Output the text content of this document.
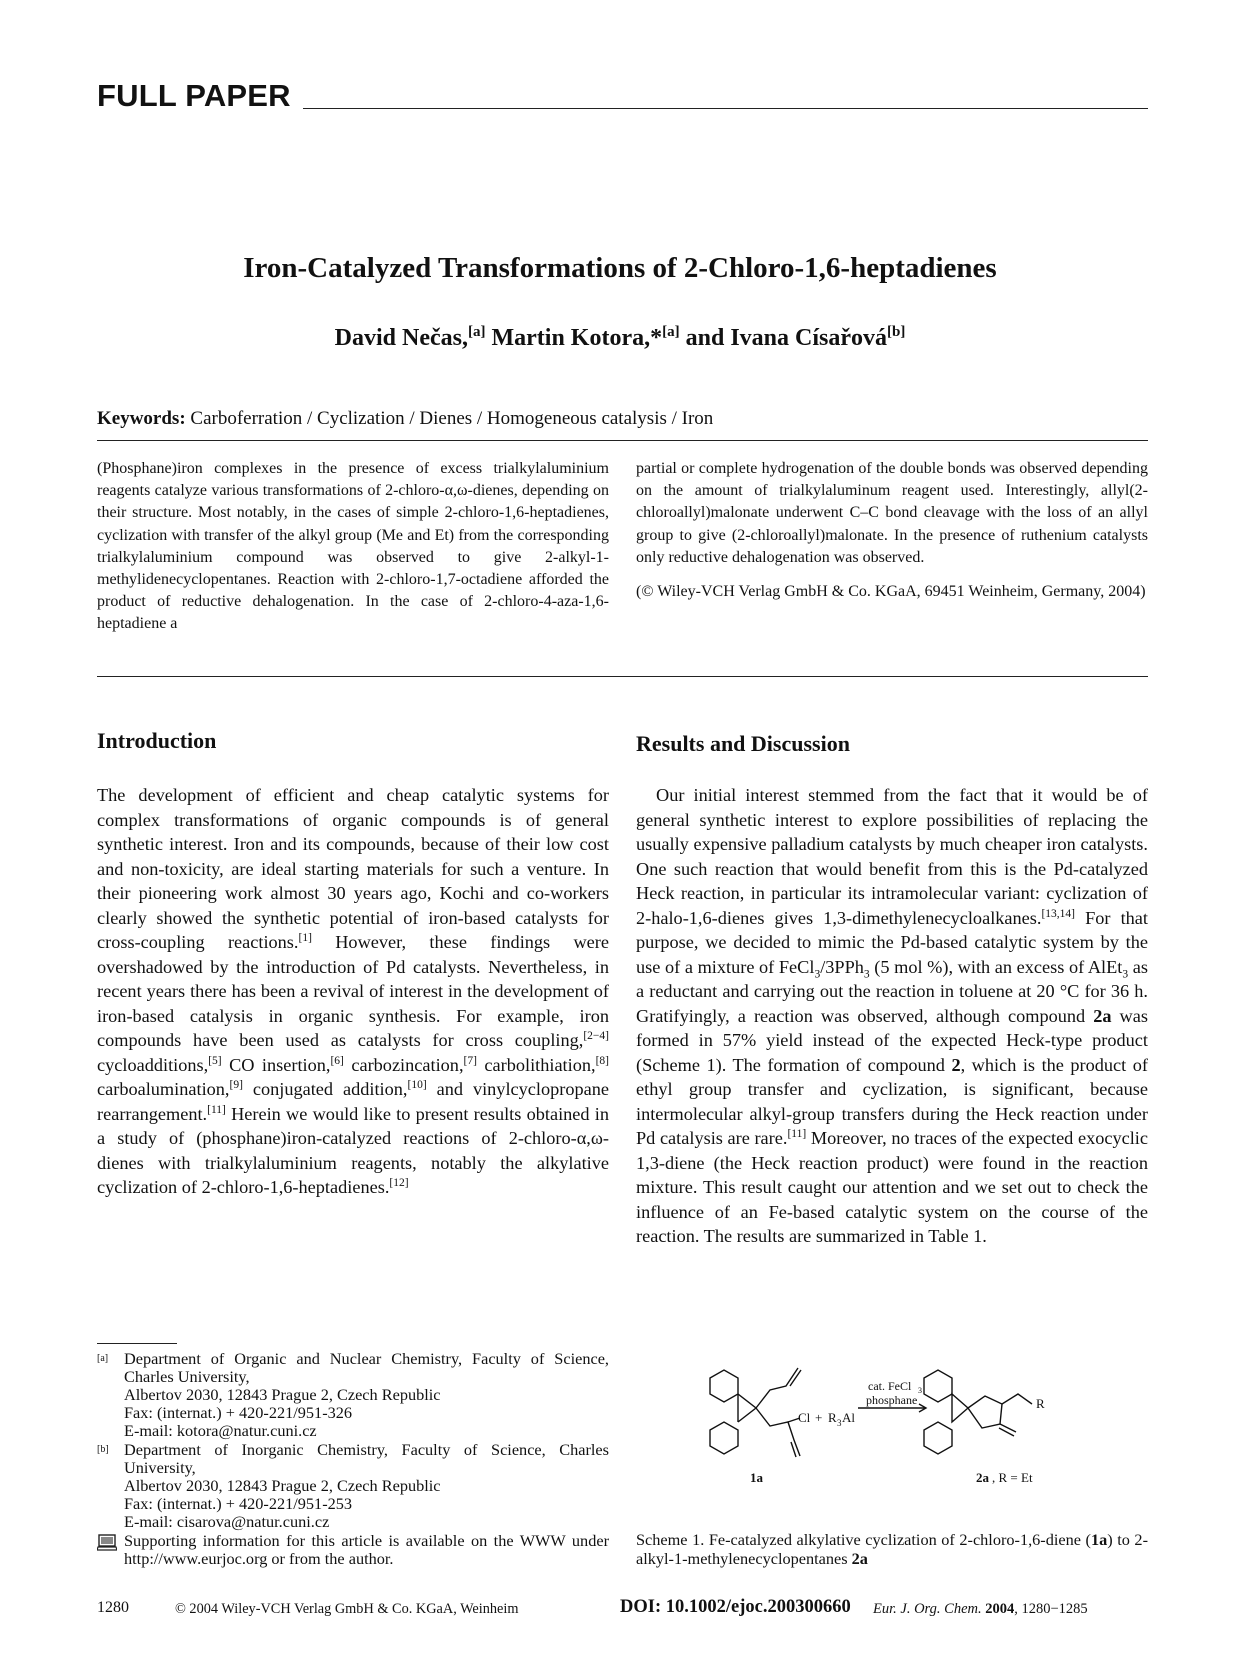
FULL PAPER
Iron-Catalyzed Transformations of 2-Chloro-1,6-heptadienes
David Nečas,[a] Martin Kotora,*[a] and Ivana Císařová[b]
Keywords: Carboferration / Cyclization / Dienes / Homogeneous catalysis / Iron

(Phosphane)iron complexes in the presence of excess trialkylaluminium reagents catalyze various transformations of 2-chloro-α,ω-dienes, depending on their structure. Most notably, in the cases of simple 2-chloro-1,6-heptadienes, cyclization with transfer of the alkyl group (Me and Et) from the corresponding trialkylaluminium compound was observed to give 2-alkyl-1-methylidenecyclopentanes. Reaction with 2-chloro-1,7-octadiene afforded the product of reductive dehalogenation. In the case of 2-chloro-4-aza-1,6-heptadiene a

partial or complete hydrogenation of the double bonds was observed depending on the amount of trialkylaluminum reagent used. Interestingly, allyl(2-chloroallyl)malonate underwent C–C bond cleavage with the loss of an allyl group to give (2-chloroallyl)malonate. In the presence of ruthenium catalysts only reductive dehalogenation was observed.

(© Wiley-VCH Verlag GmbH & Co. KGaA, 69451 Weinheim, Germany, 2004)

Introduction

The development of efficient and cheap catalytic systems for complex transformations of organic compounds is of general synthetic interest. Iron and its compounds, because of their low cost and non-toxicity, are ideal starting materials for such a venture. In their pioneering work almost 30 years ago, Kochi and co-workers clearly showed the synthetic potential of iron-based catalysts for cross-coupling reactions.[1] However, these findings were overshadowed by the introduction of Pd catalysts. Nevertheless, in recent years there has been a revival of interest in the development of iron-based catalysis in organic synthesis. For example, iron compounds have been used as catalysts for cross coupling,[2−4] cycloadditions,[5] CO insertion,[6] carbozincation,[7] carbolithiation,[8] carboalumination,[9] conjugated addition,[10] and vinylcyclopropane rearrangement.[11] Herein we would like to present results obtained in a study of (phosphane)iron-catalyzed reactions of 2-chloro-α,ω-dienes with trialkylaluminium reagents, notably the alkylative cyclization of 2-chloro-1,6-heptadienes.[12]

Results and Discussion

Our initial interest stemmed from the fact that it would be of general synthetic interest to explore possibilities of replacing the usually expensive palladium catalysts by much cheaper iron catalysts. One such reaction that would benefit from this is the Pd-catalyzed Heck reaction, in particular its intramolecular variant: cyclization of 2-halo-1,6-dienes gives 1,3-dimethylenecycloalkanes.[13,14] For that purpose, we decided to mimic the Pd-based catalytic system by the use of a mixture of FeCl$_3$/3PPh$_3$ (5 mol %), with an excess of AlEt$_3$ as a reductant and carrying out the reaction in toluene at 20 °C for 36 h. Gratifyingly, a reaction was observed, although compound 2a was formed in 57% yield instead of the expected Heck-type product (Scheme 1). The formation of compound 2, which is the product of ethyl group transfer and cyclization, is significant, because intermolecular alkyl-group transfers during the Heck reaction under Pd catalysis are rare.[11] Moreover, no traces of the expected exocyclic 1,3-diene (the Heck reaction product) were found in the reaction mixture. This result caught our attention and we set out to check the influence of an Fe-based catalytic system on the course of the reaction. The results are summarized in Table 1.

[a] Department of Organic and Nuclear Chemistry, Faculty of Science, Charles University,
Albertov 2030, 12843 Prague 2, Czech Republic
Fax: (internat.) + 420-221/951-326
E-mail: kotora@natur.cuni.cz
[b] Department of Inorganic Chemistry, Faculty of Science, Charles University,
Albertov 2030, 12843 Prague 2, Czech Republic
Fax: (internat.) + 420-221/951-253
E-mail: cisarova@natur.cuni.cz
Supporting information for this article is available on the WWW under http://www.eurjoc.org or from the author.
Cl + R 3 Al
cat. FeCl 3
phosphane	R
1a	2a , R = Et
Scheme 1. Fe-catalyzed alkylative cyclization of 2-chloro-1,6-diene (1a) to 2-alkyl-1-methylenecyclopentanes 2a
1280	© 2004 Wiley-VCH Verlag GmbH & Co. KGaA, Weinheim	DOI: 10.1002/ejoc.200300660 Eur. J. Org. Chem. 2004, 1280−1285
